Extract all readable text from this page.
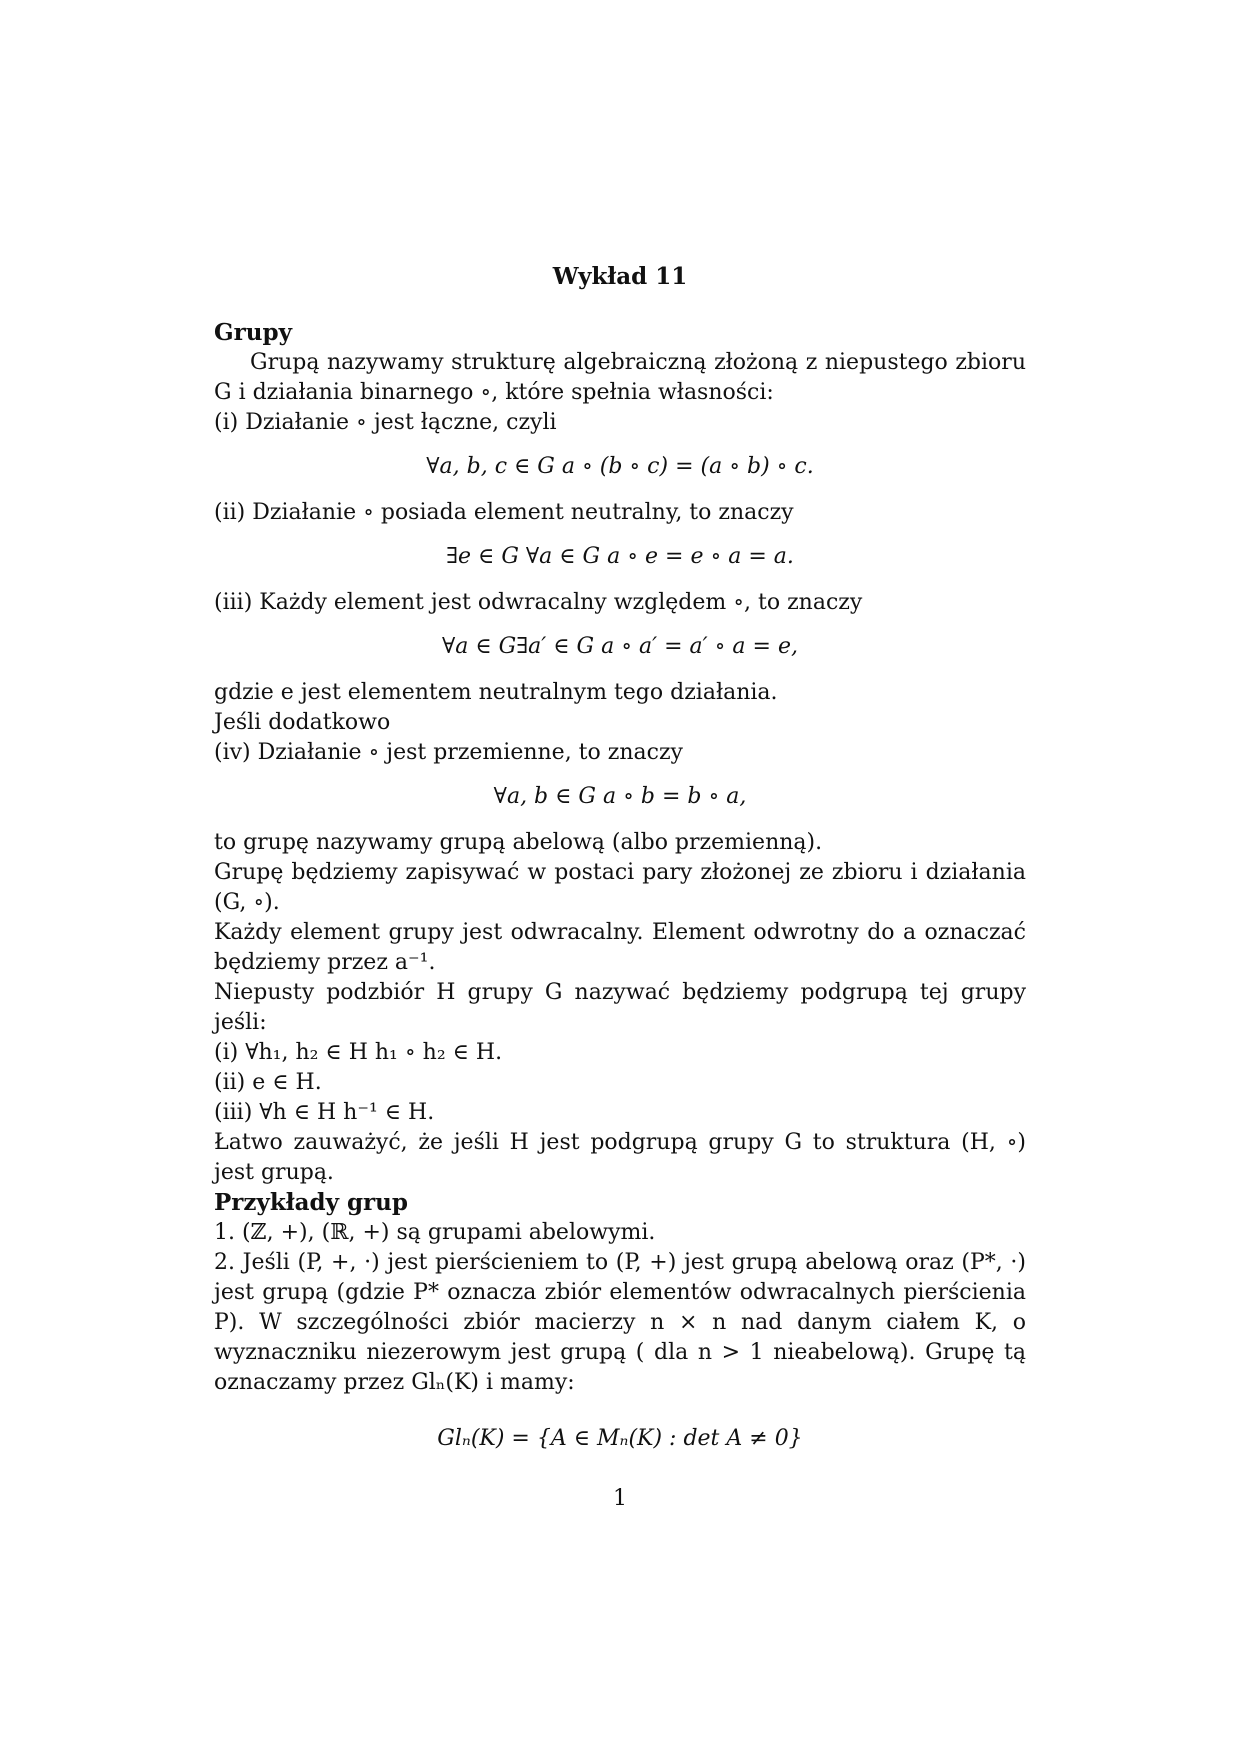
Wykład 11

Grupy

Grupą nazywamy strukturę algebraiczną złożoną z niepustego zbioru G i działania binarnego ∘, które spełnia własności:

(i) Działanie ∘ jest łączne, czyli

∀a, b, c ∈ G a ∘ (b ∘ c) = (a ∘ b) ∘ c.

(ii) Działanie ∘ posiada element neutralny, to znaczy

∃e ∈ G ∀a ∈ G a ∘ e = e ∘ a = a.

(iii) Każdy element jest odwracalny względem ∘, to znaczy

∀a ∈ G∃a′ ∈ G a ∘ a′ = a′ ∘ a = e,

gdzie e jest elementem neutralnym tego działania.

Jeśli dodatkowo

(iv) Działanie ∘ jest przemienne, to znaczy

∀a, b ∈ G a ∘ b = b ∘ a,

to grupę nazywamy grupą abelową (albo przemienną).

Grupę będziemy zapisywać w postaci pary złożonej ze zbioru i działania (G, ∘).

Każdy element grupy jest odwracalny. Element odwrotny do a oznaczać będziemy przez a⁻¹.

Niepusty podzbiór H grupy G nazywać będziemy podgrupą tej grupy jeśli:

(i) ∀h₁, h₂ ∈ H h₁ ∘ h₂ ∈ H.

(ii) e ∈ H.

(iii) ∀h ∈ H h⁻¹ ∈ H.

Łatwo zauważyć, że jeśli H jest podgrupą grupy G to struktura (H, ∘) jest grupą.

Przykłady grup

1. (ℤ, +), (ℝ, +) są grupami abelowymi.

2. Jeśli (P, +, ·) jest pierścieniem to (P, +) jest grupą abelową oraz (P*, ·) jest grupą (gdzie P* oznacza zbiór elementów odwracalnych pierścienia P). W szczególności zbiór macierzy n × n nad danym ciałem K, o wyznaczniku niezerowym jest grupą ( dla n > 1 nieabelową). Grupę tą oznaczamy przez Glₙ(K) i mamy:

Glₙ(K) = {A ∈ Mₙ(K) : det A ≠ 0}

1
